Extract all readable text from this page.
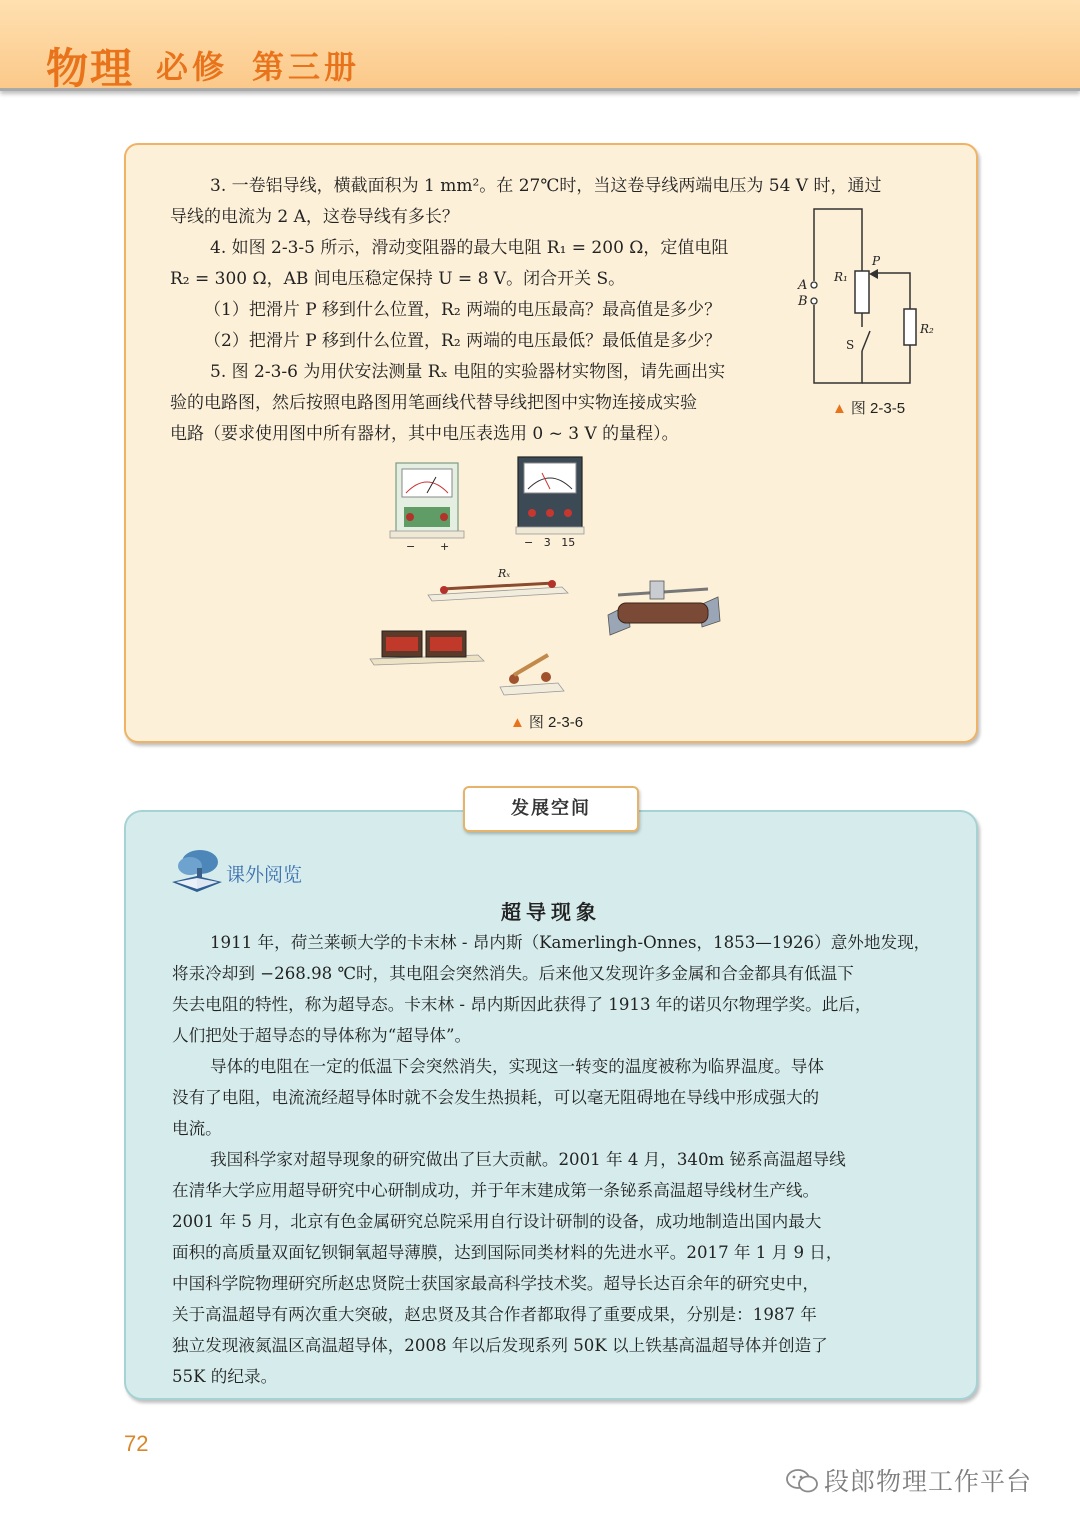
物理 必修 第三册
3. 一卷铝导线，横截面积为 1 mm²。在 27℃时，当这卷导线两端电压为 54 V 时，通过
导线的电流为 2 A，这卷导线有多长？
4. 如图 2-3-5 所示，滑动变阻器的最大电阻 R₁ = 200 Ω，定值电阻
R₂ = 300 Ω，AB 间电压稳定保持 U = 8 V。闭合开关 S。
（1）把滑片 P 移到什么位置，R₂ 两端的电压最高？最高值是多少？
（2）把滑片 P 移到什么位置，R₂ 两端的电压最低？最低值是多少？
5. 图 2-3-6 为用伏安法测量 Rₓ 电阻的实验器材实物图，请先画出实
验的电路图，然后按照电路图用笔画线代替导线把图中实物连接成实验
电路（要求使用图中所有器材，其中电压表选用 0 ~ 3 V 的量程）。
A
B
R₁
P
R₂
S
▲ 图 2-3-5
− +	−   3   15
Rₓ
▲ 图 2-3-6
发展空间
课外阅览
超导现象
1911 年，荷兰莱顿大学的卡末林 - 昂内斯（Kamerlingh-Onnes，1853—1926）意外地发现，
将汞冷却到 −268.98 ℃时，其电阻会突然消失。后来他又发现许多金属和合金都具有低温下
失去电阻的特性，称为超导态。卡末林 - 昂内斯因此获得了 1913 年的诺贝尔物理学奖。此后，
人们把处于超导态的导体称为“超导体”。
导体的电阻在一定的低温下会突然消失，实现这一转变的温度被称为临界温度。导体
没有了电阻，电流流经超导体时就不会发生热损耗，可以毫无阻碍地在导线中形成强大的
电流。
我国科学家对超导现象的研究做出了巨大贡献。2001 年 4 月，340m 铋系高温超导线
在清华大学应用超导研究中心研制成功，并于年末建成第一条铋系高温超导线材生产线。
2001 年 5 月，北京有色金属研究总院采用自行设计研制的设备，成功地制造出国内最大
面积的高质量双面钇钡铜氧超导薄膜，达到国际同类材料的先进水平。2017 年 1 月 9 日，
中国科学院物理研究所赵忠贤院士获国家最高科学技术奖。超导长达百余年的研究史中，
关于高温超导有两次重大突破，赵忠贤及其合作者都取得了重要成果，分别是：1987 年
独立发现液氮温区高温超导体，2008 年以后发现系列 50K 以上铁基高温超导体并创造了
55K 的纪录。
72
段郎物理工作平台
